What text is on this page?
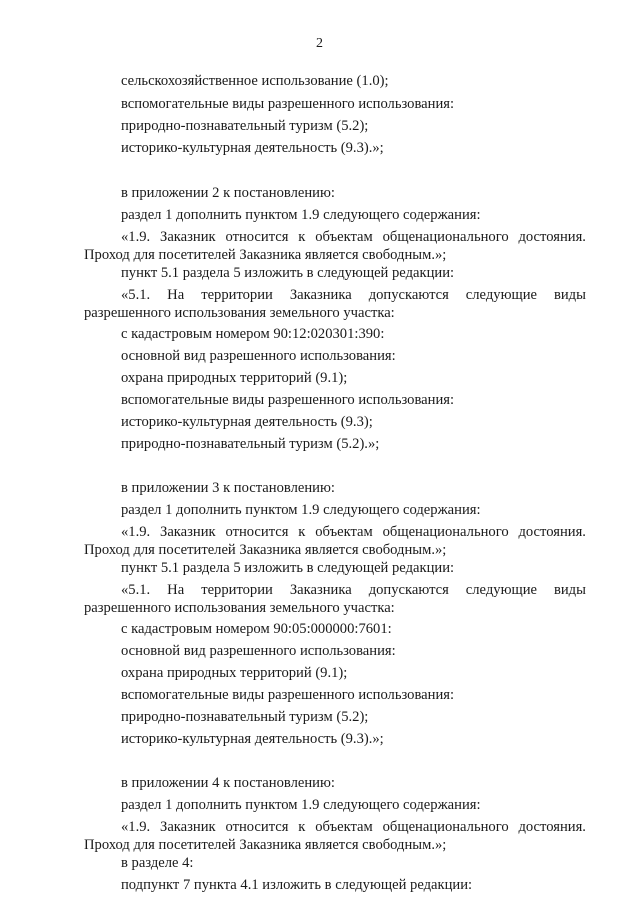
2
сельскохозяйственное использование (1.0);
вспомогательные виды разрешенного использования:
природно-познавательный туризм (5.2);
историко-культурная деятельность (9.3).»;
в приложении 2 к постановлению:
раздел 1 дополнить пунктом 1.9 следующего содержания:
«1.9. Заказник относится к объектам общенационального достояния.
Проход для посетителей Заказника является свободным.»;
пункт 5.1 раздела 5 изложить в следующей редакции:
«5.1. На территории Заказника допускаются следующие виды
разрешенного использования земельного участка:
с кадастровым номером 90:12:020301:390:
основной вид разрешенного использования:
охрана природных территорий (9.1);
вспомогательные виды разрешенного использования:
историко-культурная деятельность (9.3);
природно-познавательный туризм (5.2).»;
в приложении 3 к постановлению:
раздел 1 дополнить пунктом 1.9 следующего содержания:
«1.9. Заказник относится к объектам общенационального достояния.
Проход для посетителей Заказника является свободным.»;
пункт 5.1 раздела 5 изложить в следующей редакции:
«5.1. На территории Заказника допускаются следующие виды
разрешенного использования земельного участка:
с кадастровым номером 90:05:000000:7601:
основной вид разрешенного использования:
охрана природных территорий (9.1);
вспомогательные виды разрешенного использования:
природно-познавательный туризм (5.2);
историко-культурная деятельность (9.3).»;
в приложении 4 к постановлению:
раздел 1 дополнить пунктом 1.9 следующего содержания:
«1.9. Заказник относится к объектам общенационального достояния.
Проход для посетителей Заказника является свободным.»;
в разделе 4:
подпункт 7 пункта 4.1 изложить в следующей редакции:
